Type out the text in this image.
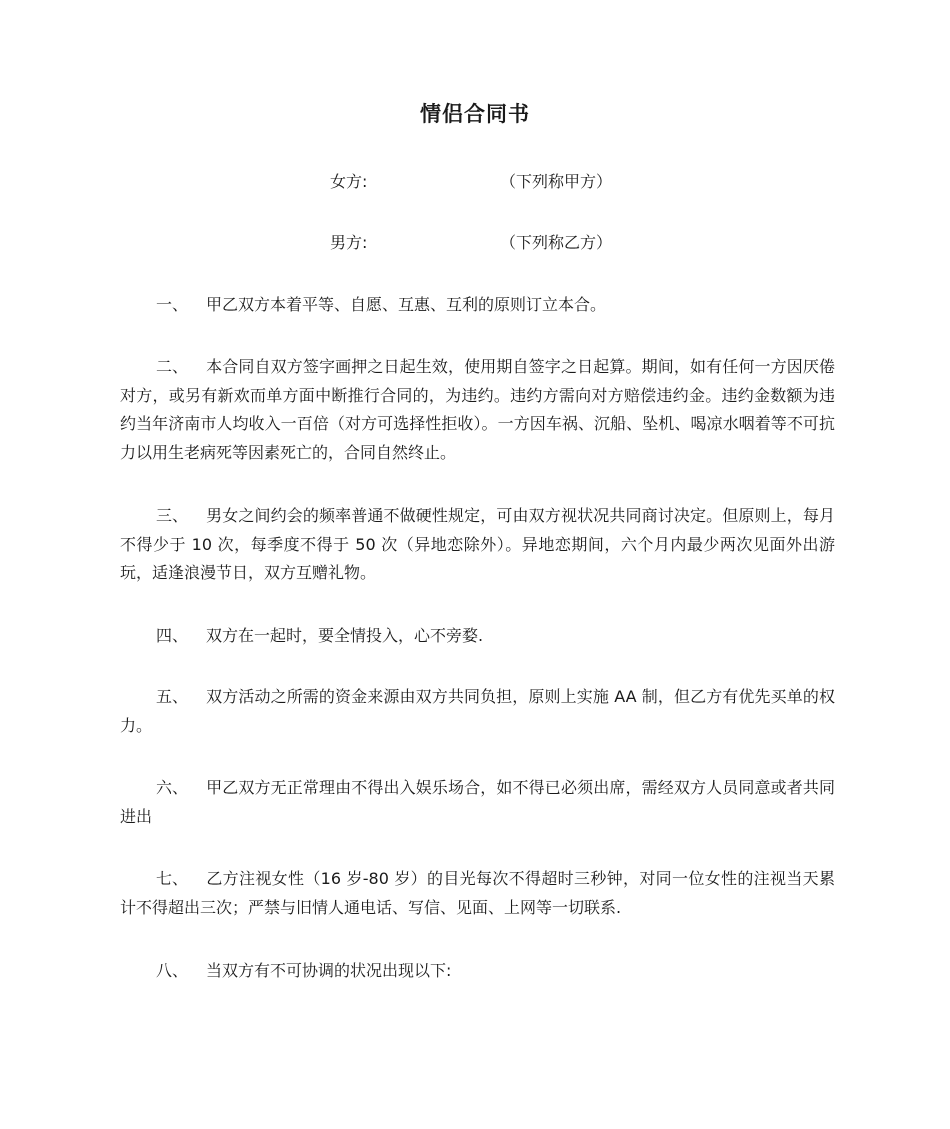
情侣合同书
女方:	（下列称甲方）
男方:	（下列称乙方）

一、 甲乙双方本着平等、自愿、互惠、互利的原则订立本合。

二、 本合同自双方签字画押之日起生效，使用期自签字之日起算。期间，如有任何一方因厌倦对方，或另有新欢而单方面中断推行合同的，为违约。违约方需向对方赔偿违约金。违约金数额为违约当年济南市人均收入一百倍（对方可选择性拒收）。一方因车祸、沉船、坠机、喝凉水咽着等不可抗力以用生老病死等因素死亡的，合同自然终止。

三、 男女之间约会的频率普通不做硬性规定，可由双方视状况共同商讨决定。但原则上，每月不得少于 10 次，每季度不得于 50 次（异地恋除外）。异地恋期间，六个月内最少两次见面外出游玩，适逢浪漫节日，双方互赠礼物。

四、 双方在一起时，要全情投入，心不旁婺.

五、 双方活动之所需的资金来源由双方共同负担，原则上实施 AA 制，但乙方有优先买单的权力。

六、 甲乙双方无正常理由不得出入娱乐场合，如不得已必须出席，需经双方人员同意或者共同进出

七、 乙方注视女性（16 岁-80 岁）的目光每次不得超时三秒钟，对同一位女性的注视当天累计不得超出三次；严禁与旧情人通电话、写信、见面、上网等一切联系.

八、 当双方有不可协调的状况出现以下:
